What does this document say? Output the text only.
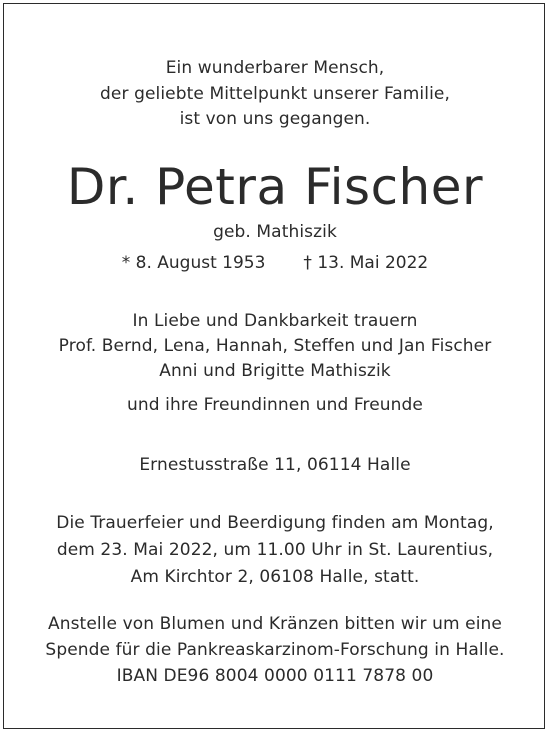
Ein wunderbarer Mensch,
der geliebte Mittelpunkt unserer Familie,
ist von uns gegangen.
Dr. Petra Fischer
geb. Mathiszik
* 8. August 1953 † 13. Mai 2022
In Liebe und Dankbarkeit trauern
Prof. Bernd, Lena, Hannah, Steffen und Jan Fischer
Anni und Brigitte Mathiszik
und ihre Freundinnen und Freunde
Ernestusstraße 11, 06114 Halle
Die Trauerfeier und Beerdigung finden am Montag,
dem 23. Mai 2022, um 11.00 Uhr in St. Laurentius,
Am Kirchtor 2, 06108 Halle, statt.
Anstelle von Blumen und Kränzen bitten wir um eine
Spende für die Pankreaskarzinom-Forschung in Halle.
IBAN DE96 8004 0000 0111 7878 00
